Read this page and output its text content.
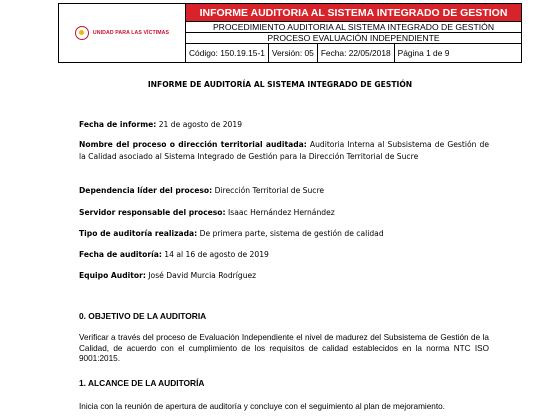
UNIDAD PARA LAS VÍCTIMAS
INFORME AUDITORIA AL SISTEMA INTEGRADO DE GESTION
PROCEDIMIENTO AUDITORIA AL SISTEMA INTEGRADO DE GESTIÓN
PROCESO EVALUACIÓN INDEPENDIENTE
Código: 150.19.15-1 Versión: 05 Fecha: 22/05/2018 Página 1 de 9
INFORME DE AUDITORÍA AL SISTEMA INTEGRADO DE GESTIÓN
Fecha de informe: 21 de agosto de 2019
Nombre del proceso o dirección territorial auditada: Auditoria Interna al Subsistema de Gestión de la Calidad asociado al Sistema Integrado de Gestión para la Dirección Territorial de Sucre
Dependencia líder del proceso: Dirección Territorial de Sucre
Servidor responsable del proceso: Isaac Hernández Hernández
Tipo de auditoría realizada: De primera parte, sistema de gestión de calidad
Fecha de auditoría: 14 al 16 de agosto de 2019
Equipo Auditor: José David Murcia Rodríguez
0. OBJETIVO DE LA AUDITORIA
Verificar a través del proceso de Evaluación Independiente el nivel de madurez del Subsistema de Gestión de la Calidad, de acuerdo con el cumplimiento de los requisitos de calidad establecidos en la norma NTC ISO 9001:2015.
1. ALCANCE DE LA AUDITORÍA
Inicia con la reunión de apertura de auditoría y concluye con el seguimiento al plan de mejoramiento.
